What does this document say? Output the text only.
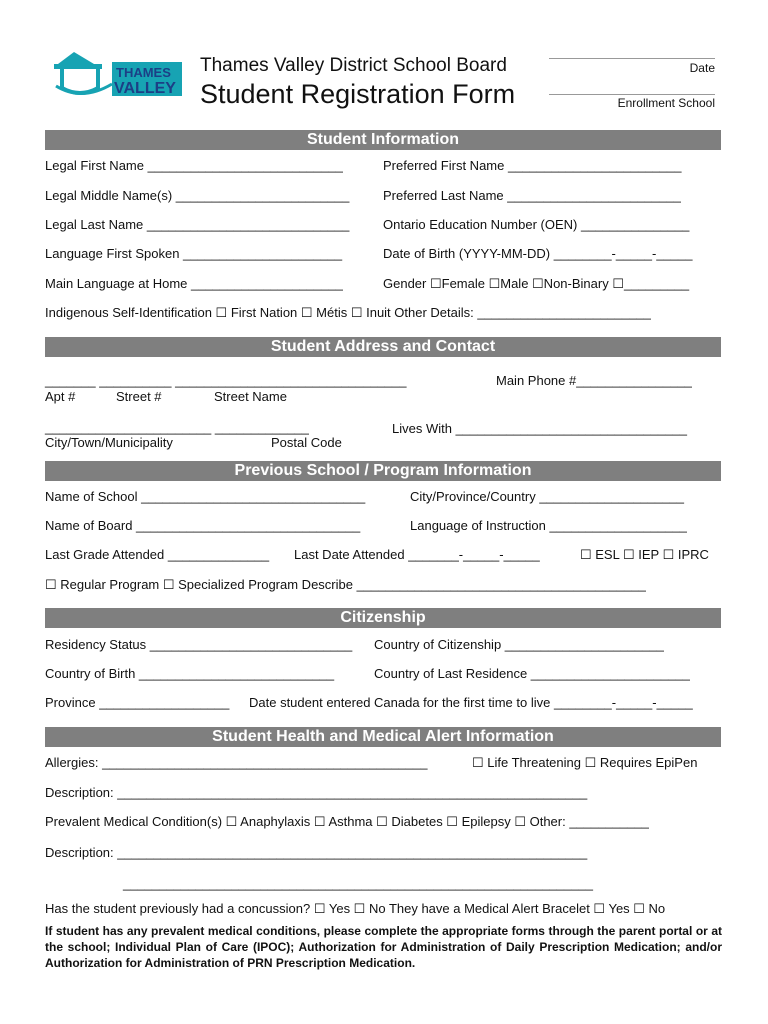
THAMES
VALLEY
Thames Valley District School Board
Student Registration Form
Date
Enrollment School
Student Information
Legal First Name ___________________________	Preferred First Name ________________________
Legal Middle Name(s) ________________________	Preferred Last Name ________________________
Legal Last Name ____________________________	Ontario Education Number (OEN) _______________
Language First Spoken ______________________	Date of Birth (YYYY-MM-DD) ________-_____-_____
Main Language at Home _____________________	Gender ☐Female ☐Male ☐Non-Binary ☐_________
Indigenous Self-Identification ☐ First Nation ☐ Métis ☐ Inuit Other Details: ________________________
Student Address and Contact
_______ __________ ________________________________	Main Phone #________________
Apt #	Street #	Street Name
_______________________ _____________	Lives With ________________________________
City/Town/Municipality	Postal Code
Previous School / Program Information
Name of School _______________________________	City/Province/Country ____________________
Name of Board _______________________________	Language of Instruction ___________________
Last Grade Attended ______________ Last Date Attended _______-_____-_____	☐ ESL ☐ IEP ☐ IPRC
☐ Regular Program ☐ Specialized Program Describe ________________________________________
Citizenship
Residency Status ____________________________ Country of Citizenship ______________________
Country of Birth ___________________________	Country of Last Residence ______________________
Province __________________ Date student entered Canada for the first time to live ________-_____-_____
Student Health and Medical Alert Information
Allergies: _____________________________________________	☐ Life Threatening ☐ Requires EpiPen
Description: _________________________________________________________________
Prevalent Medical Condition(s) ☐ Anaphylaxis ☐ Asthma ☐ Diabetes ☐ Epilepsy ☐ Other: ___________
Description: _________________________________________________________________
_________________________________________________________________
Has the student previously had a concussion? ☐ Yes ☐ No They have a Medical Alert Bracelet ☐ Yes ☐ No
If student has any prevalent medical conditions, please complete the appropriate forms through the parent portal or at the school; Individual Plan of Care (IPOC); Authorization for Administration of Daily Prescription Medication; and/or Authorization for Administration of PRN Prescription Medication.
